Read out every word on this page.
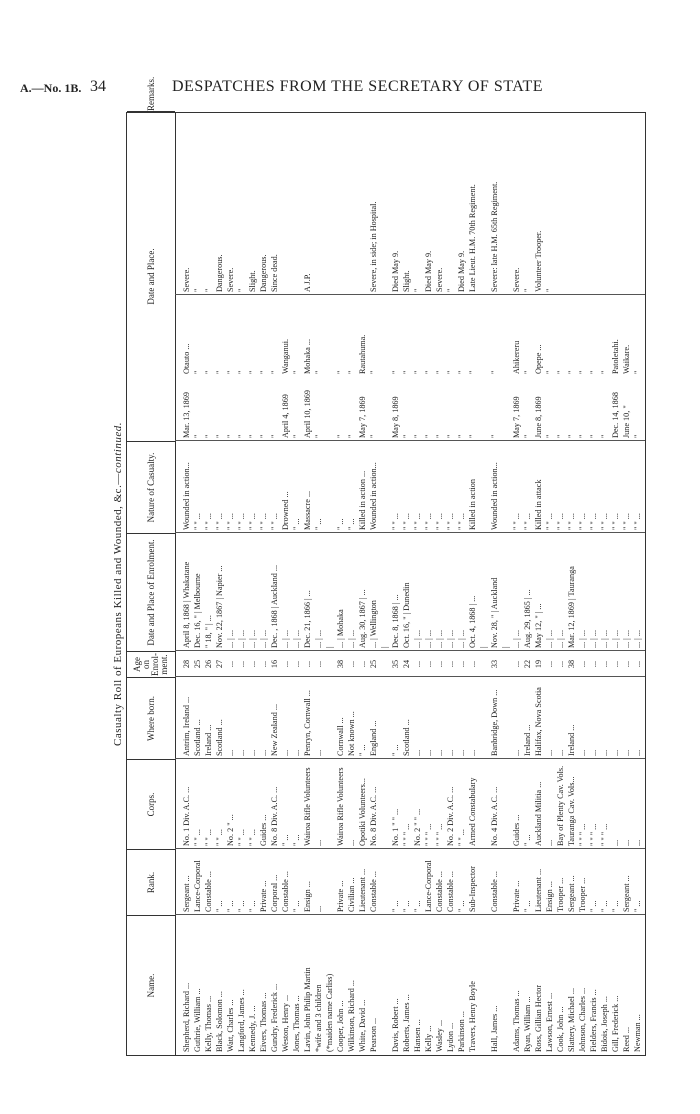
A.—No. 1B. 34	DESPATCHES FROM THE SECRETARY OF STATE
Casualty Roll of Europeans Killed and Wounded, &c.—continued.
Name.
Rank.
Corps.
Where born.
Age on Enrol-ment.
Date and Place of Enrolment.
Nature of Casualty.
Date and Place.
Remarks.
Shepherd, Richard ...
Sergeant ...
No. 1 Div. A.C. ...
Antrim, Ireland ...
28
April 8, 1868 | Whakatane
Wounded in action...
Mar. 13, 1869
Otauto ...
Severe.
Guthrie, William ...
Lance-Corporal
" " ...
Scotland ...
25
Dec. 16, " | Melbourne
" " ...
"
"
"
Kelly, Thomas ...
Constable ...
" " ...
Ireland ...
26
" 18, " | ...
" " ...
"
"
"
Black, Solomon ...
" ...
" " ...
Scotland ...
27
Nov. 22, 1867 | Napier ...
" " ...
"
"
Dangerous.
Watt, Charles ...
" ...
No. 2 " ...
...
...
... | ...
" " ...
"
"
Severe.
Langford, James ...
" ...
" " ...
...
...
... | ...
" " ...
"
"
"
Kennedy, J. ...
" ...
" " ...
...
...
... | ...
" " ...
"
"
Slight.
Eivers, Thomas ...
Private ...
Guides ...
...
...
... | ...
" " ...
"
"
Dangerous.
Gundry, Frederick ...
Corporal ...
No. 8 Div. A.C. ...
New Zealand ...
16
Dec. , 1868 | Auckland ...
" " ...
"
"
Since dead.
Weston, Henry ...
Constable ...
" ...
...
...
... | ...
Drowned ...
April 4, 1869
Wanganui.
Jones, Thomas ...
" ...
" ...
...
...
... | ...
" ...
"
"
Lavin, John Philip Martin
Ensign ...
Wairoa Rifle Volunteers
Penryn, Cornwall ...
...
Dec. 21, 1866 | ...
Massacre ...
April 10, 1869
Mohaka ...
A J.P.
*wife and 3 children
...
...
...
...
... | ...
" ...
"
"
(*maiden name Carliss)
|
Cooper, John ...
Private ...
Wairoa Rifle Volunteers
Cornwall ...
38
... | Mohaka
" ...
"
"
Wilkinson, Richard ...
Civilian ...
...
Not known ...
...
... | ...
" ...
"
"
White, David ...
Lieutenant ...
Opotiki Volunteers...
" ...
...
Aug. 30, 1867 | ...
Killed in action ...
May 7, 1869
Rautahuma.
Pearson ...
Constable ...
No. 8 Div. A.C. ...
England ...
25
... | Wellington
Wounded in action...
"
"
Severe, in side; in Hospital.
|
Davis, Robert ...
" ...
No. 1 " " ...
" ...
35
Dec. 8, 1868 | ...
" " ...
May 8, 1869
"
Died May 9.
Roberts, James ...
" ...
" " " ...
Scotland ...
24
Oct. 16, " | Dunedin
" " ...
"
"
Slight.
Hansen ...
" ...
No. 2 " " ...
...
...
... | ...
" " ...
"
"
"
Kelly ...
Lance-Corporal
" " " ...
...
...
... | ...
" " ...
"
"
Died May 9.
Wasley ...
Constable ...
" " " ...
...
...
... | ...
" " ...
"
"
Severe.
Lydon ...
Constable ...
No. 2 Div. A.C. ...
...
...
... | ...
" " ...
"
"
"
Parkinson ...
" ...
" " ...
...
...
... | ...
" " ...
"
"
Died May 9.
Travers, Henry Boyle
Sub-Inspector
Armed Constabulary
...
...
Oct. 4, 1868 | ...
Killed in action
"
"
Late Lieut. H.M. 70th Regiment.
|
Hall, James ...
Constable ...
No. 4 Div. A.C. ...
Banbridge, Down ...
33
Nov. 28, " | Auckland
Wounded in action...
"
"
Severe: late H.M. 65th Regiment.
|
Adams, Thomas ...
Private ...
Guides ...
...
...
... | ...
" " ...
May 7, 1869
Ahikereru
Severe.
Ryan, William ...
" ...
" ...
Ireland ...
22
Aug. 29, 1865 | ...
" " ...
"
"
"
Ross, Gillian Hector
Lieutenant ...
Auckland Militia ...
Halifax, Nova Scotia
19
May 12, " | ...
Killed in attack
June 8, 1869
Opepe ...
Volunteer Trooper.
Lawson, Ernest ...
Ensign ...
...
...
...
... | ...
" " ...
"
"
"
Cook, John ...
Trooper ...
Bay of Plenty Cav. Vols.
...
...
... | ...
" " ...
"
"
Slattery, Michael ...
Sergeant ...
Tauranga Cav. Vols...
Ireland ...
38
Mar. 12, 1869 | Tauranga
" " ...
"
"
Johnson, Charles ...
Trooper ...
" " " ...
...
...
... | ...
" " ...
"
"
Fielders, Francis ...
" ...
" " " ...
...
...
... | ...
" " ...
"
"
Bidois, Joseph ...
" ...
" " " ...
...
...
... | ...
" " ...
"
"
Gill, Frederick ...
" ...
...
...
...
... | ...
" " ...
Dec. 14, 1868
Patoletahi.
Reed ...
Sergeant ...
...
...
...
... | ...
" " ...
June 10, "
Waikare.
Newman ...
" ...
...
...
...
... | ...
" " ...
"
"
